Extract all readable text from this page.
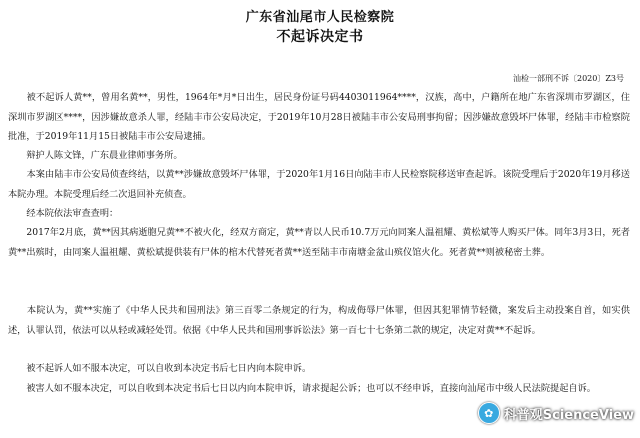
广东省汕尾市人民检察院
不起诉决定书
汕检一部刑不诉〔2020〕Z3号
　　被不起诉人黄**，曾用名黄**，男性，1964年*月*日出生，居民身份证号码4403011964****，汉族，高中，户籍所在地广东省深圳市罗湖区，住深圳市罗湖区****，因涉嫌故意杀人罪，经陆丰市公安局决定，于2019年10月28日被陆丰市公安局刑事拘留；因涉嫌故意毁坏尸体罪，经陆丰市检察院批准，于2019年11月15日被陆丰市公安局逮捕。
　　辩护人陈文锋，广东晨业律师事务所。
　　本案由陆丰市公安局侦查终结，以黄**涉嫌故意毁坏尸体罪，于2020年1月16日向陆丰市人民检察院移送审查起诉。该院受理后于2020年19月移送本院办理。本院受理后经二次退回补充侦查。
　　经本院依法审查查明：
　　2017年2月底，黄**因其病逝胞兄黄**不被火化，经双方商定，黄**青以人民币10.7万元向同案人温祖耀、黄松斌等人购买尸体。同年3月3日，死者黄**出殡时，由同案人温祖耀、黄松斌提供装有尸体的棺木代替死者黄**送至陆丰市南塘金盆山殡仪馆火化。死者黄**则被秘密土葬。
　　本院认为，黄**实施了《中华人民共和国刑法》第三百零二条规定的行为，构成侮辱尸体罪，但因其犯罪情节轻微，案发后主动投案自首，如实供述，认罪认罚，依法可以从轻或减轻处罚。依据《中华人民共和国刑事诉讼法》第一百七十七条第二款的规定，决定对黄**不起诉。
　　被不起诉人如不服本决定，可以自收到本决定书后七日内向本院申诉。
　　被害人如不服本决定，可以自收到本决定书后七日以内向本院申诉，请求提起公诉；也可以不经申诉，直接向汕尾市中级人民法院提起自诉。
✿ 科普观ScienceView
